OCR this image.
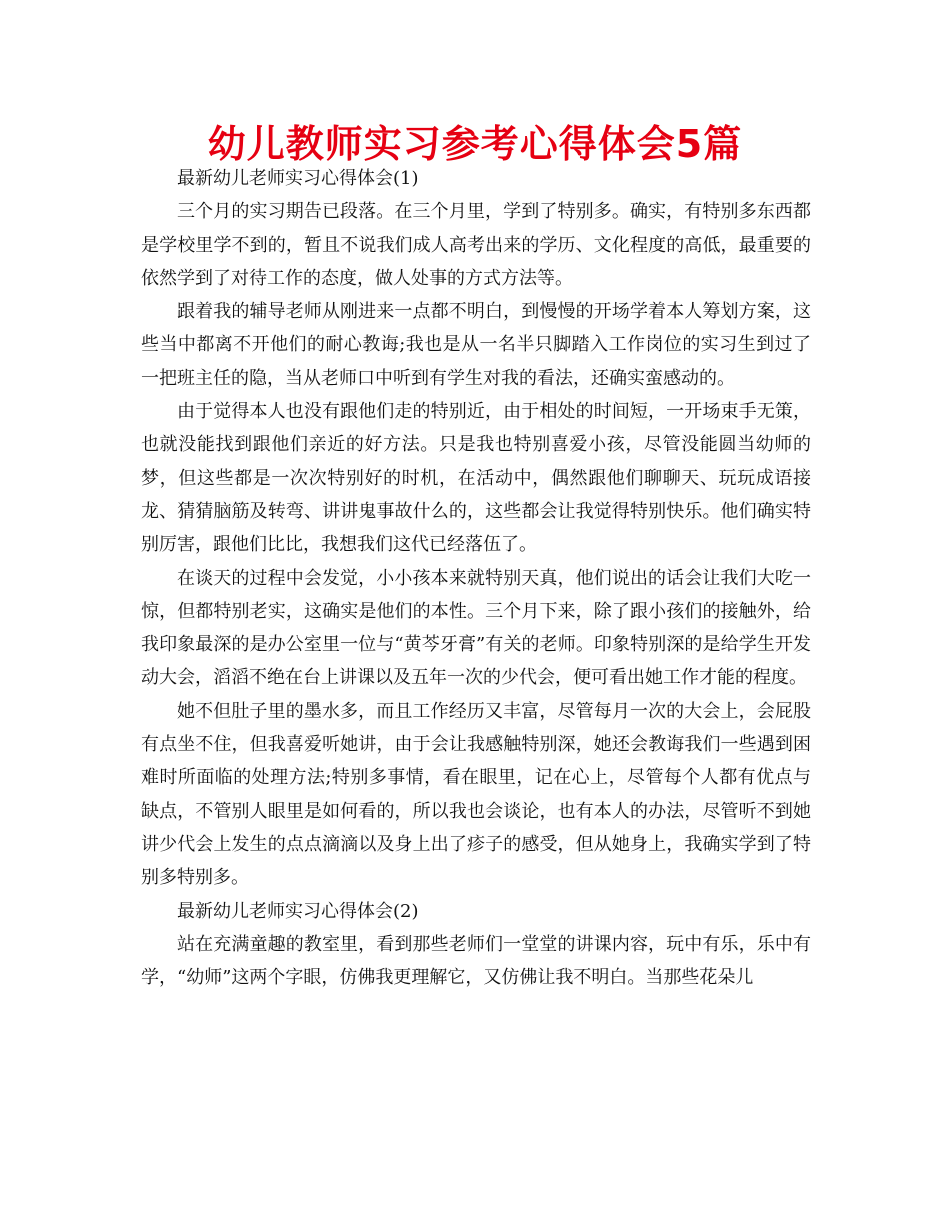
幼儿教师实习参考心得体会5篇

最新幼儿老师实习心得体会(1)

三个月的实习期告已段落。在三个月里，学到了特别多。确实，有特别多东西都是学校里学不到的，暂且不说我们成人高考出来的学历、文化程度的高低，最重要的依然学到了对待工作的态度，做人处事的方式方法等。

跟着我的辅导老师从刚进来一点都不明白，到慢慢的开场学着本人筹划方案，这些当中都离不开他们的耐心教诲;我也是从一名半只脚踏入工作岗位的实习生到过了一把班主任的隐，当从老师口中听到有学生对我的看法，还确实蛮感动的。

由于觉得本人也没有跟他们走的特别近，由于相处的时间短，一开场束手无策，也就没能找到跟他们亲近的好方法。只是我也特别喜爱小孩，尽管没能圆当幼师的梦，但这些都是一次次特别好的时机，在活动中，偶然跟他们聊聊天、玩玩成语接龙、猜猜脑筋及转弯、讲讲鬼事故什么的，这些都会让我觉得特别快乐。他们确实特别厉害，跟他们比比，我想我们这代已经落伍了。

在谈天的过程中会发觉，小小孩本来就特别天真，他们说出的话会让我们大吃一惊，但都特别老实，这确实是他们的本性。三个月下来，除了跟小孩们的接触外，给我印象最深的是办公室里一位与“黄芩牙膏”有关的老师。印象特别深的是给学生开发动大会，滔滔不绝在台上讲课以及五年一次的少代会，便可看出她工作才能的程度。

她不但肚子里的墨水多，而且工作经历又丰富，尽管每月一次的大会上，会屁股有点坐不住，但我喜爱听她讲，由于会让我感触特别深，她还会教诲我们一些遇到困难时所面临的处理方法;特别多事情，看在眼里，记在心上，尽管每个人都有优点与缺点，不管别人眼里是如何看的，所以我也会谈论，也有本人的办法，尽管听不到她讲少代会上发生的点点滴滴以及身上出了疹子的感受，但从她身上，我确实学到了特别多特别多。

最新幼儿老师实习心得体会(2)

站在充满童趣的教室里，看到那些老师们一堂堂的讲课内容，玩中有乐，乐中有学，“幼师”这两个字眼，仿佛我更理解它，又仿佛让我不明白。当那些花朵儿
